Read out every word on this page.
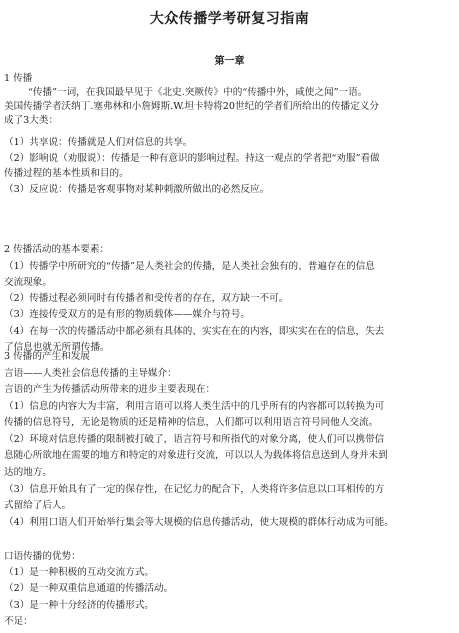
大众传播学考研复习指南
第一章

1 传播

“传播”一词，在我国最早见于《北史.突厥传》中的“传播中外，咸使之闻”一语。

美国传播学者沃纳丁.塞弗林和小詹姆斯.W.坦卡特将20世纪的学者们所给出的传播定义分

成了3大类：

（1）共享说：传播就是人们对信息的共享。

（2）影响说（劝服说）：传播是一种有意识的影响过程。持这一观点的学者把“劝服”看做

传播过程的基本性质和目的。

（3）反应说：传播是客观事物对某种刺激所做出的必然反应。

2 传播活动的基本要素：

（1）传播学中所研究的“传播”是人类社会的传播，是人类社会独有的、普遍存在的信息

交流现象。

（2）传播过程必须同时有传播者和受传者的存在，双方缺一不可。

（3）连接传受双方的是有形的物质载体——媒介与符号。

（4）在每一次的传播活动中都必须有具体的、实实在在的内容，即实实在在的信息，失去

了信息也就无所谓传播。

3 传播的产生和发展

言语——人类社会信息传播的主导媒介：

言语的产生为传播活动所带来的进步主要表现在：

（1）信息的内容大为丰富，利用言语可以将人类生活中的几乎所有的内容都可以转换为可

传播的信息符号，无论是物质的还是精神的信息，人们都可以利用语言符号同他人交流。

（2）环境对信息传播的限制被打破了，语言符号和所指代的对象分离，使人们可以携带信

息随心所欲地在需要的地方和特定的对象进行交流，可以以人为载体将信息送到人身并未到

达的地方。

（3）信息开始具有了一定的保存性，在记忆力的配合下，人类将许多信息以口耳相传的方

式留给了后人。

（4）利用口语人们开始举行集会等大规模的信息传播活动，使大规模的群体行动成为可能。

口语传播的优势：

（1）是一种积极的互动交流方式。

（2）是一种双重信息通道的传播活动。

（3）是一种十分经济的传播形式。

不足：
